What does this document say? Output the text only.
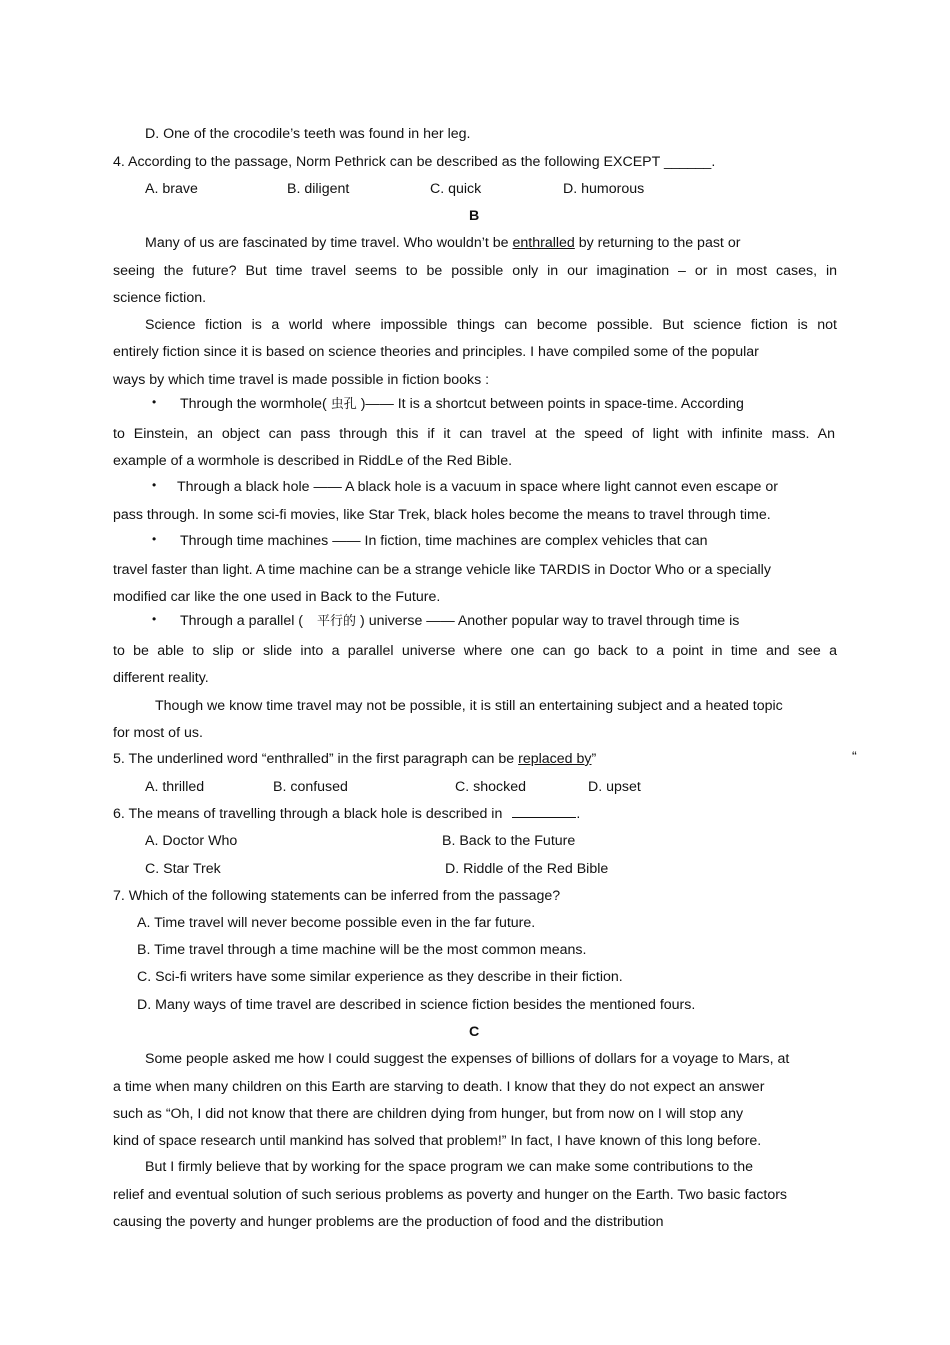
D. One of the crocodile’s teeth was found in her leg.
4. According to the passage, Norm Pethrick can be described as the following EXCEPT ______.
A. brave	B. diligent	C. quick	D. humorous
B
Many of us are fascinated by time travel. Who wouldn’t be enthralled by returning to the past or
seeing the future? But time travel seems to be possible only in our imagination – or in most cases, in
science fiction.
Science fiction is a world where impossible things can become possible. But science fiction is not
entirely fiction since it is based on science theories and principles. I have compiled some of the popular
ways by which time travel is made possible in fiction books :
• Through the wormhole( 虫孔 )—— It is a shortcut between points in space-time. According
to Einstein, an object can pass through this if it can travel at the speed of light with infinite mass. An
example of a wormhole is described in RiddLe of the Red Bible.
• Through a black hole —— A black hole is a vacuum in space where light cannot even escape or
pass through. In some sci-fi movies, like Star Trek, black holes become the means to travel through time.
• Through time machines —— In fiction, time machines are complex vehicles that can
travel faster than light. A time machine can be a strange vehicle like TARDIS in Doctor Who or a specially
modified car like the one used in Back to the Future.
• Through a parallel ( 平行的 ) universe —— Another popular way to travel through time is
to be able to slip or slide into a parallel universe where one can go back to a point in time and see a
different reality.
Though we know time travel may not be possible, it is still an entertaining subject and a heated topic
for most of us.
5. The underlined word “enthralled” in the first paragraph can be replaced by”	“
A. thrilled	B. confused	C. shocked	D. upset
6. The means of travelling through a black hole is described in	.
A. Doctor Who	B. Back to the Future
C. Star Trek	D. Riddle of the Red Bible
7. Which of the following statements can be inferred from the passage?
A. Time travel will never become possible even in the far future.
B. Time travel through a time machine will be the most common means.
C. Sci-fi writers have some similar experience as they describe in their fiction.
D. Many ways of time travel are described in science fiction besides the mentioned fours.
C
Some people asked me how I could suggest the expenses of billions of dollars for a voyage to Mars, at
a time when many children on this Earth are starving to death. I know that they do not expect an answer
such as “Oh, I did not know that there are children dying from hunger, but from now on I will stop any
kind of space research until mankind has solved that problem!” In fact, I have known of this long before.
But I firmly believe that by working for the space program we can make some contributions to the
relief and eventual solution of such serious problems as poverty and hunger on the Earth. Two basic factors
causing the poverty and hunger problems are the production of food and the distribution
